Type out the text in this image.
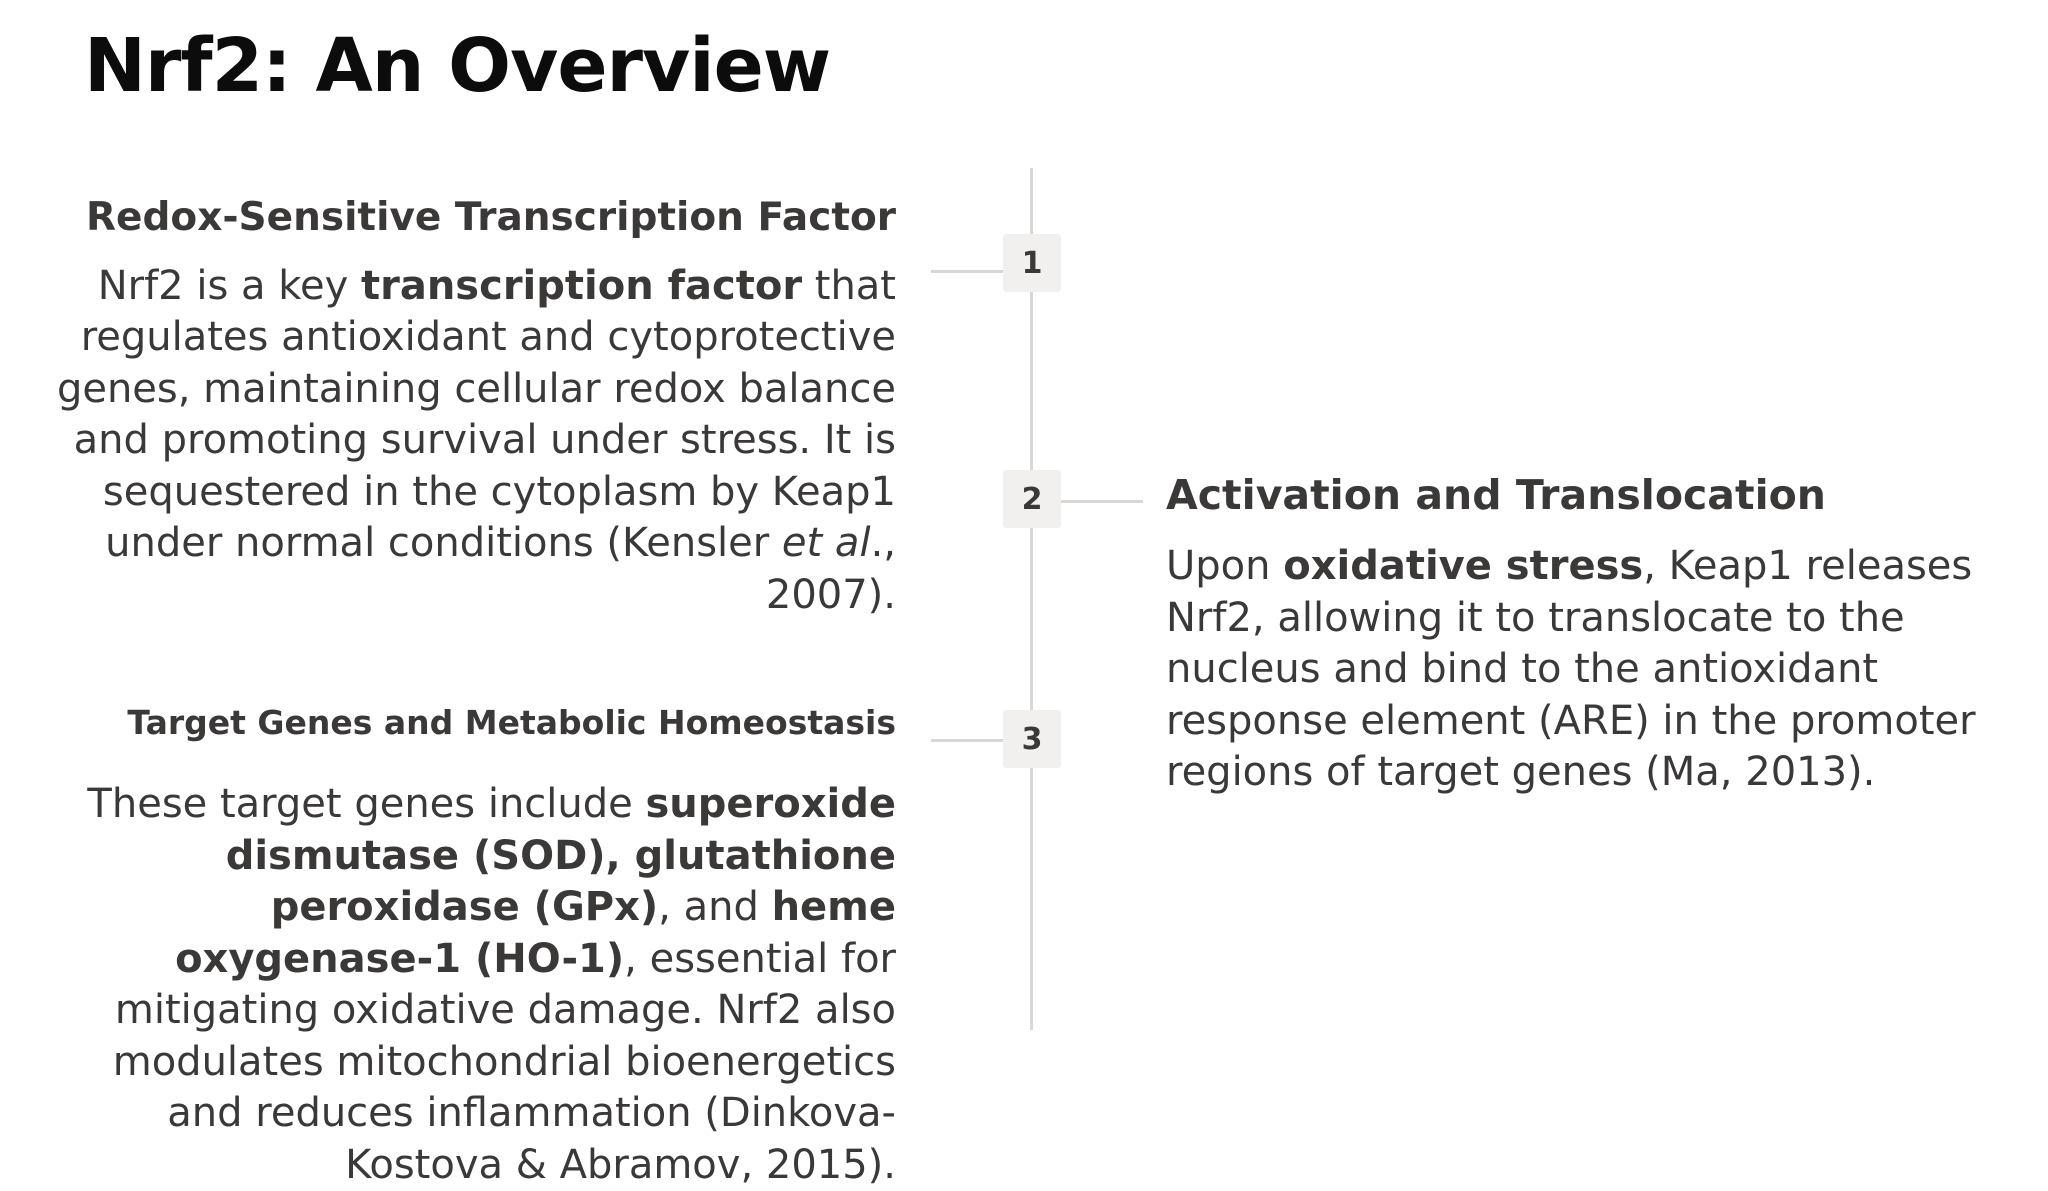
Nrf2: An Overview
1
Redox-Sensitive Transcription Factor

Nrf2 is a key transcription factor that regulates antioxidant and cytoprotective genes, maintaining cellular redox balance and promoting survival under stress. It is sequestered in the cytoplasm by Keap1 under normal conditions (Kensler et al., 2007).

2	Activation and Translocation

Upon oxidative stress, Keap1 releases Nrf2, allowing it to translocate to the nucleus and bind to the antioxidant response element (ARE) in the promoter regions of target genes (Ma, 2013).

3
Target Genes and Metabolic Homeostasis

These target genes include superoxide dismutase (SOD), glutathione peroxidase (GPx), and heme oxygenase-1 (HO-1), essential for mitigating oxidative damage. Nrf2 also modulates mitochondrial bioenergetics and reduces inflammation (Dinkova-Kostova & Abramov, 2015).
